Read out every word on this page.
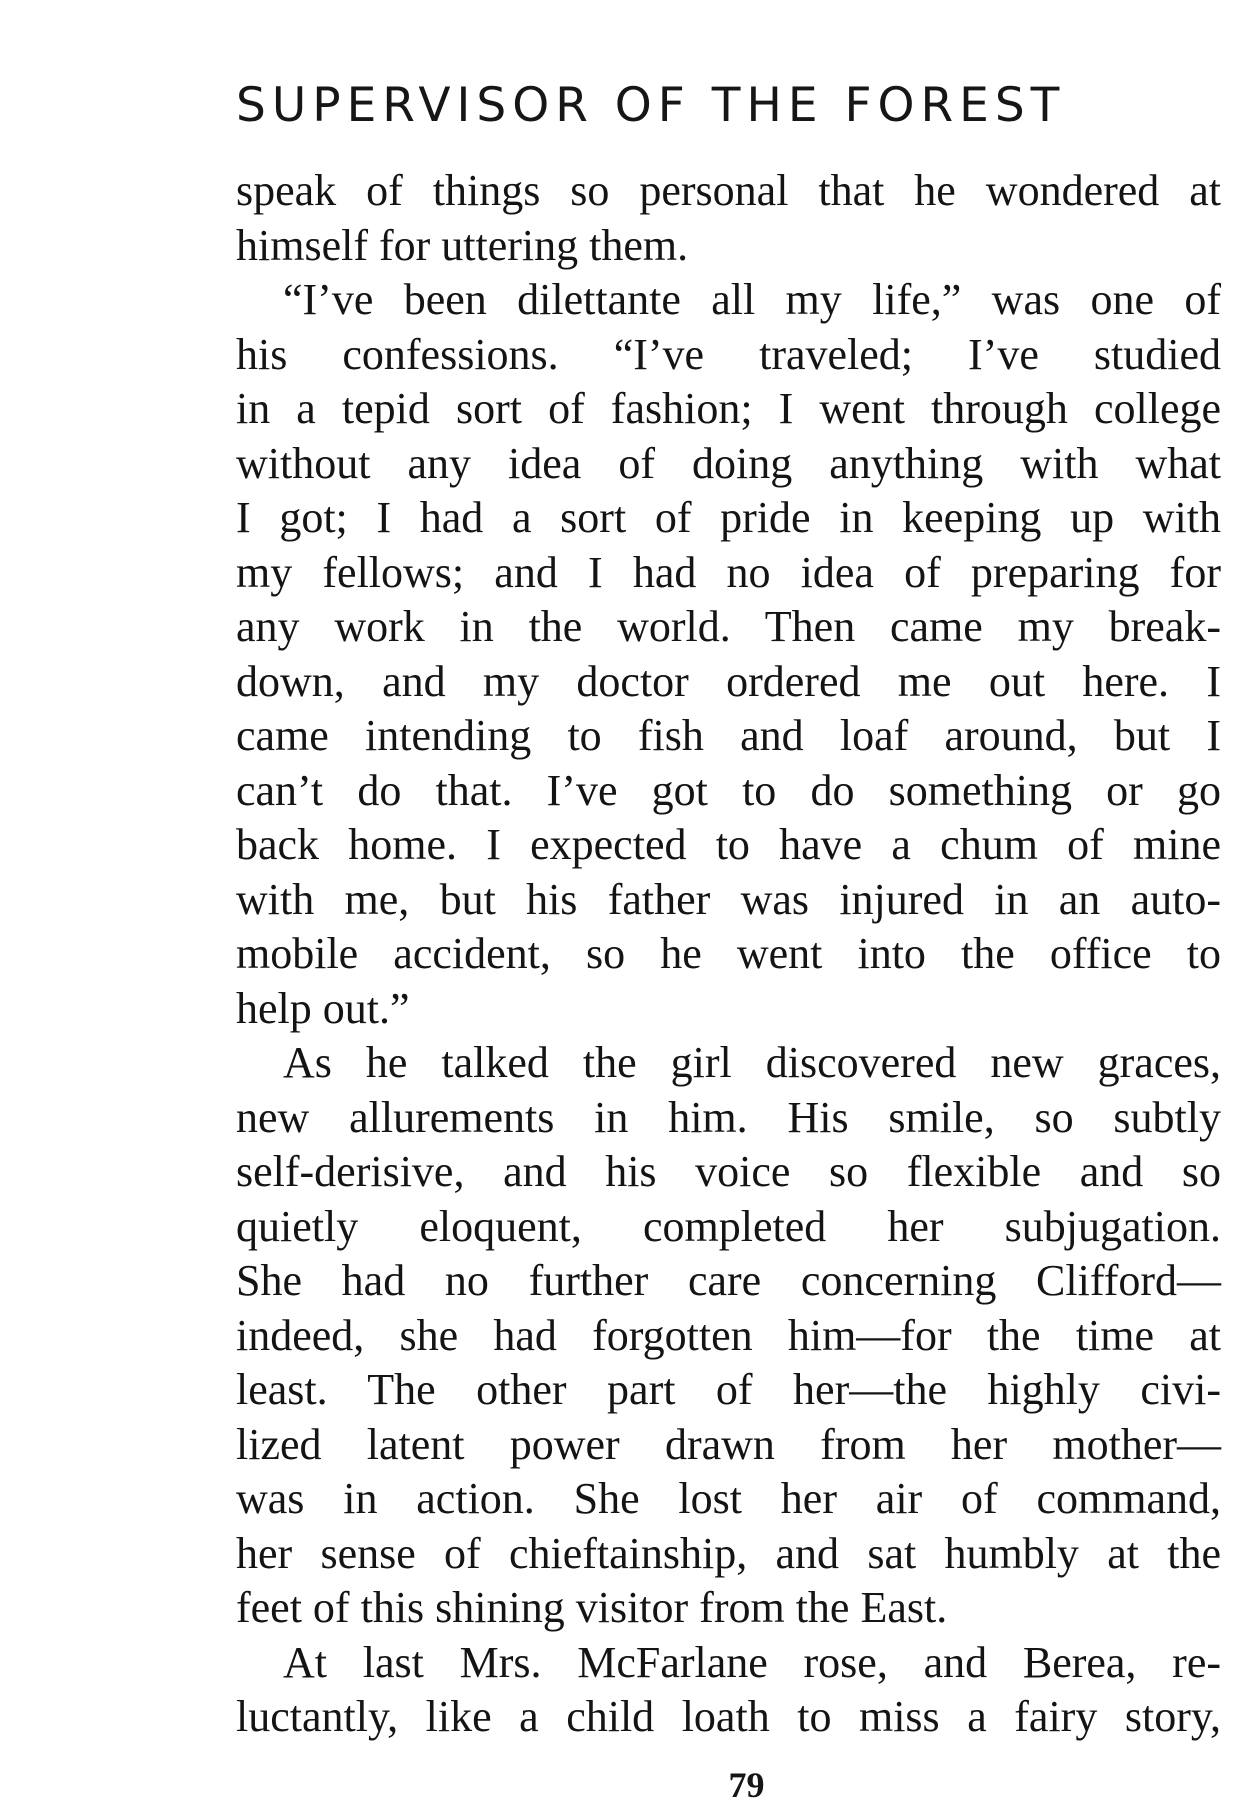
SUPERVISOR OF THE FOREST
speak of things so personal that he wondered at
himself for uttering them.
“I’ve been dilettante all my life,” was one of
his confessions. “I’ve traveled; I’ve studied
in a tepid sort of fashion; I went through college
without any idea of doing anything with what
I got; I had a sort of pride in keeping up with
my fellows; and I had no idea of preparing for
any work in the world. Then came my break-
down, and my doctor ordered me out here. I
came intending to fish and loaf around, but I
can’t do that. I’ve got to do something or go
back home. I expected to have a chum of mine
with me, but his father was injured in an auto-
mobile accident, so he went into the office to
help out.”
As he talked the girl discovered new graces,
new allurements in him. His smile, so subtly
self-derisive, and his voice so flexible and so
quietly eloquent, completed her subjugation.
She had no further care concerning Clifford—
indeed, she had forgotten him—for the time at
least. The other part of her—the highly civi-
lized latent power drawn from her mother—
was in action. She lost her air of command,
her sense of chieftainship, and sat humbly at the
feet of this shining visitor from the East.
At last Mrs. McFarlane rose, and Berea, re-
luctantly, like a child loath to miss a fairy story,
79
